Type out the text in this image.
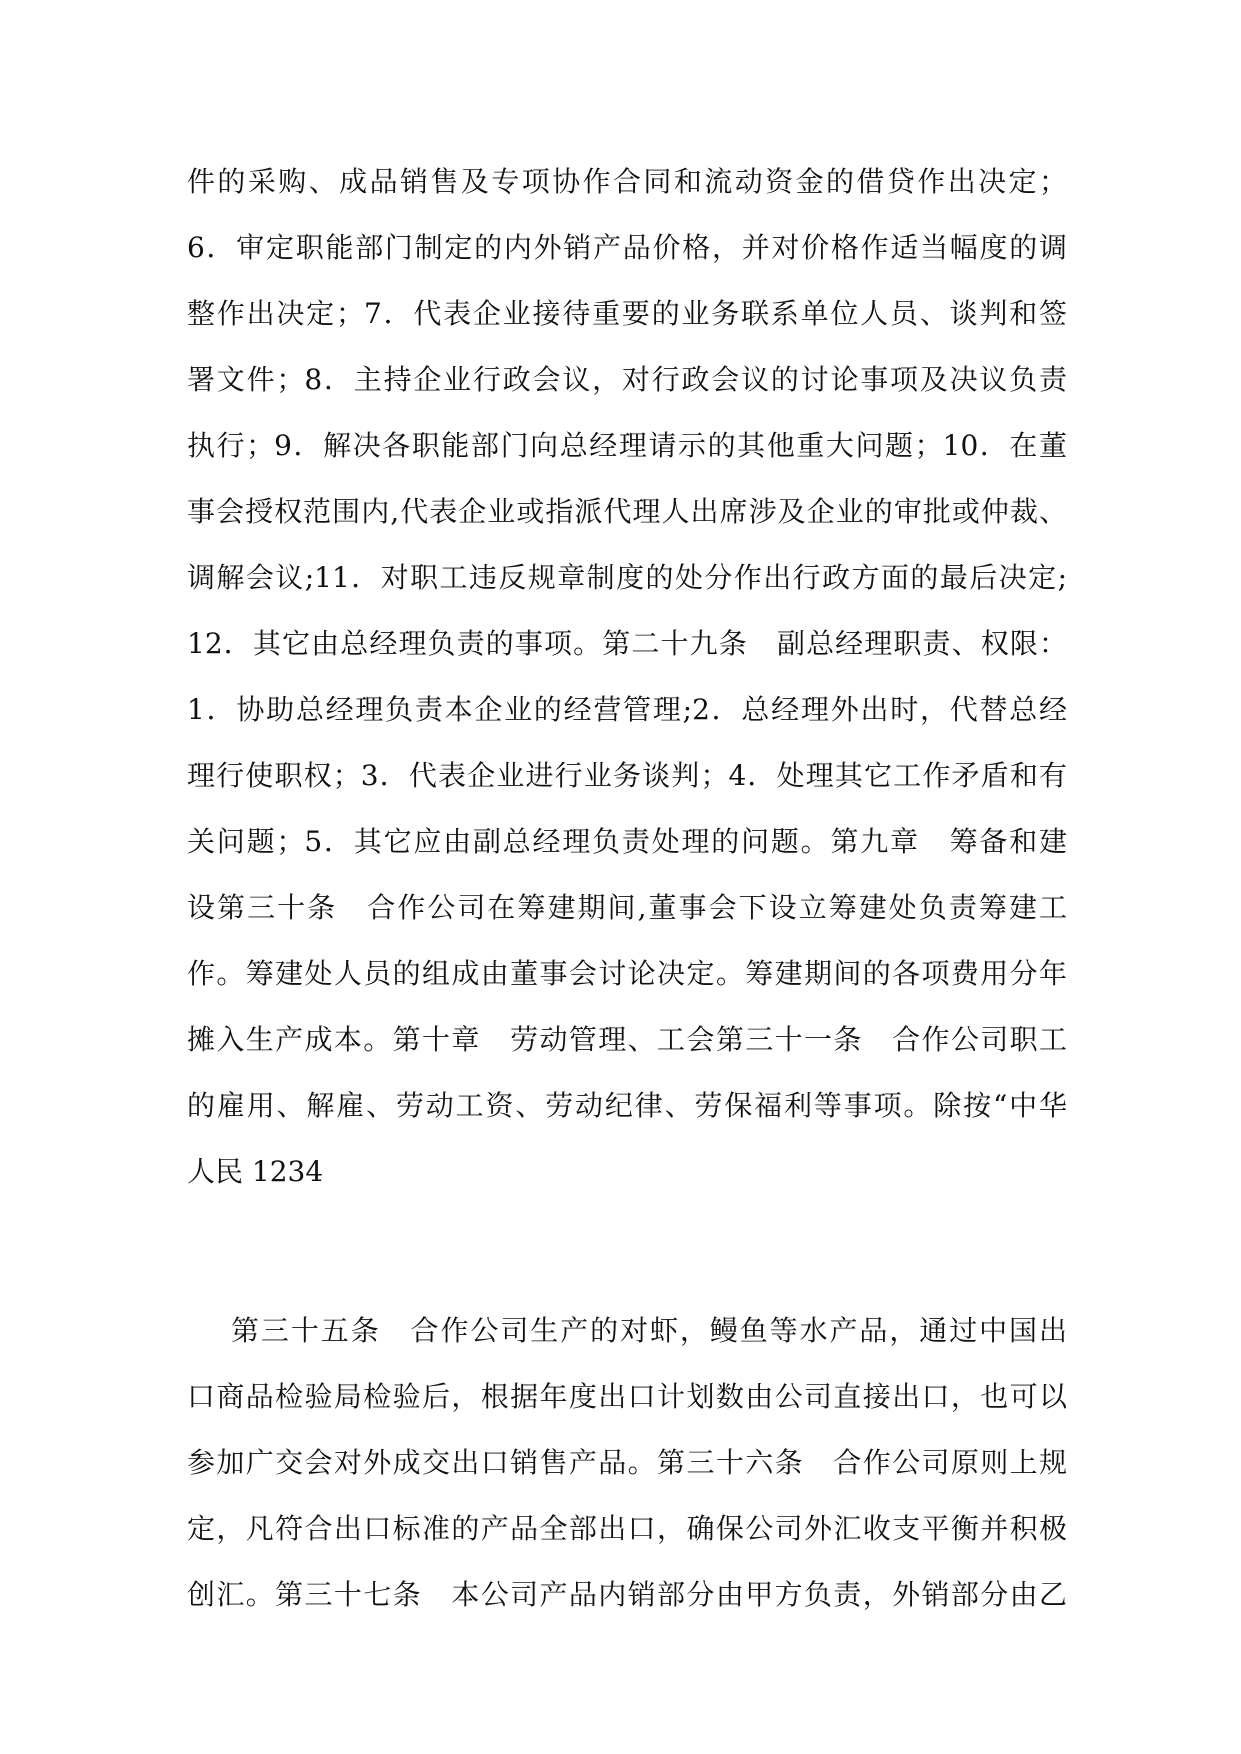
件的采购、成品销售及专项协作合同和流动资金的借贷作出决定；
6．审定职能部门制定的内外销产品价格，并对价格作适当幅度的调
整作出决定；7．代表企业接待重要的业务联系单位人员、谈判和签
署文件；8．主持企业行政会议，对行政会议的讨论事项及决议负责
执行；9．解决各职能部门向总经理请示的其他重大问题；10．在董
事会授权范围内,代表企业或指派代理人出席涉及企业的审批或仲裁、
调解会议;11．对职工违反规章制度的处分作出行政方面的最后决定;
12．其它由总经理负责的事项。第二十九条　副总经理职责、权限：
1．协助总经理负责本企业的经营管理;2．总经理外出时，代替总经
理行使职权；3．代表企业进行业务谈判；4．处理其它工作矛盾和有
关问题；5．其它应由副总经理负责处理的问题。第九章　筹备和建
设第三十条　合作公司在筹建期间,董事会下设立筹建处负责筹建工
作。筹建处人员的组成由董事会讨论决定。筹建期间的各项费用分年
摊入生产成本。第十章　劳动管理、工会第三十一条　合作公司职工
的雇用、解雇、劳动工资、劳动纪律、劳保福利等事项。除按“中华
人民 1234
第三十五条　合作公司生产的对虾，鳗鱼等水产品，通过中国出
口商品检验局检验后，根据年度出口计划数由公司直接出口，也可以
参加广交会对外成交出口销售产品。第三十六条　合作公司原则上规
定，凡符合出口标准的产品全部出口，确保公司外汇收支平衡并积极
创汇。第三十七条　本公司产品内销部分由甲方负责，外销部分由乙
